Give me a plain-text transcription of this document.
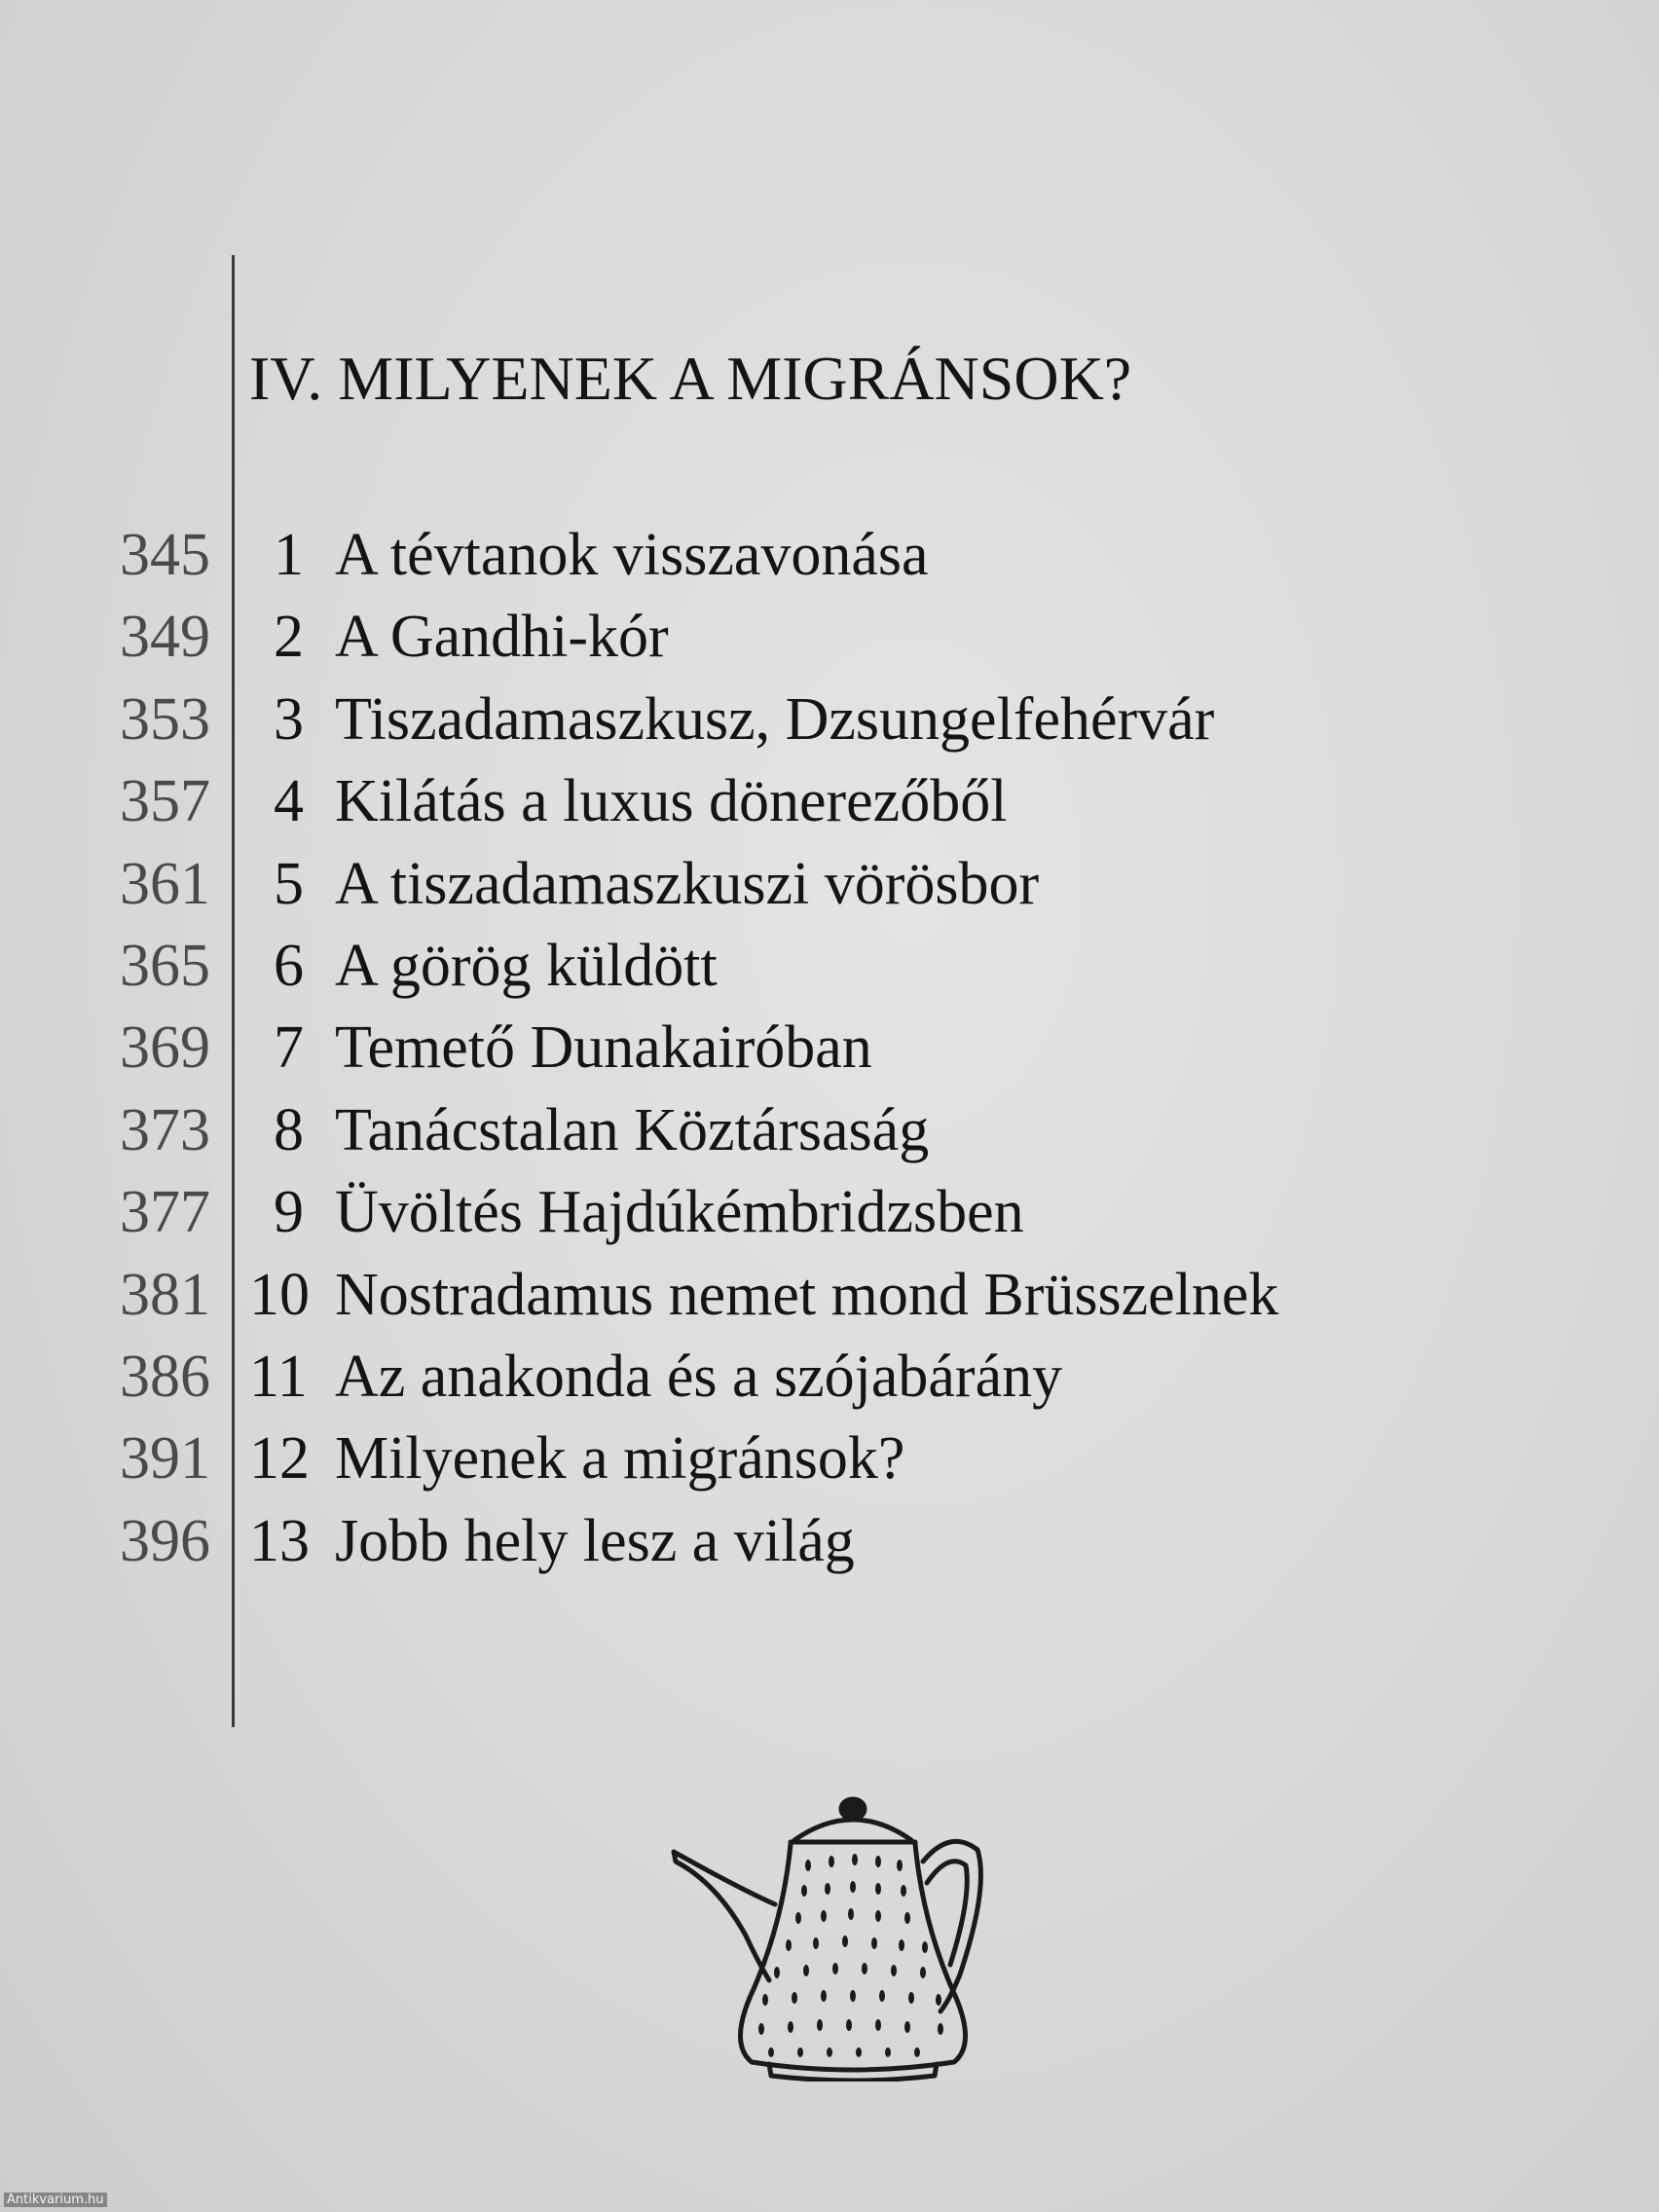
IV. MILYENEK A MIGRÁNSOK?
345	1 A tévtanok visszavonása
349	2 A Gandhi-kór
353	3 Tiszadamaszkusz, Dzsungelfehérvár
357	4 Kilátás a luxus dönerezőből
361	5 A tiszadamaszkuszi vörösbor
365	6 A görög küldött
369	7 Temető Dunakairóban
373	8 Tanácstalan Köztársaság
377	9 Üvöltés Hajdúkémbridzsben
381 10 Nostradamus nemet mond Brüsszelnek
386 11 Az anakonda és a szójabárány
391 12 Milyenek a migránsok?
396 13 Jobb hely lesz a világ
Antikvarium.hu
